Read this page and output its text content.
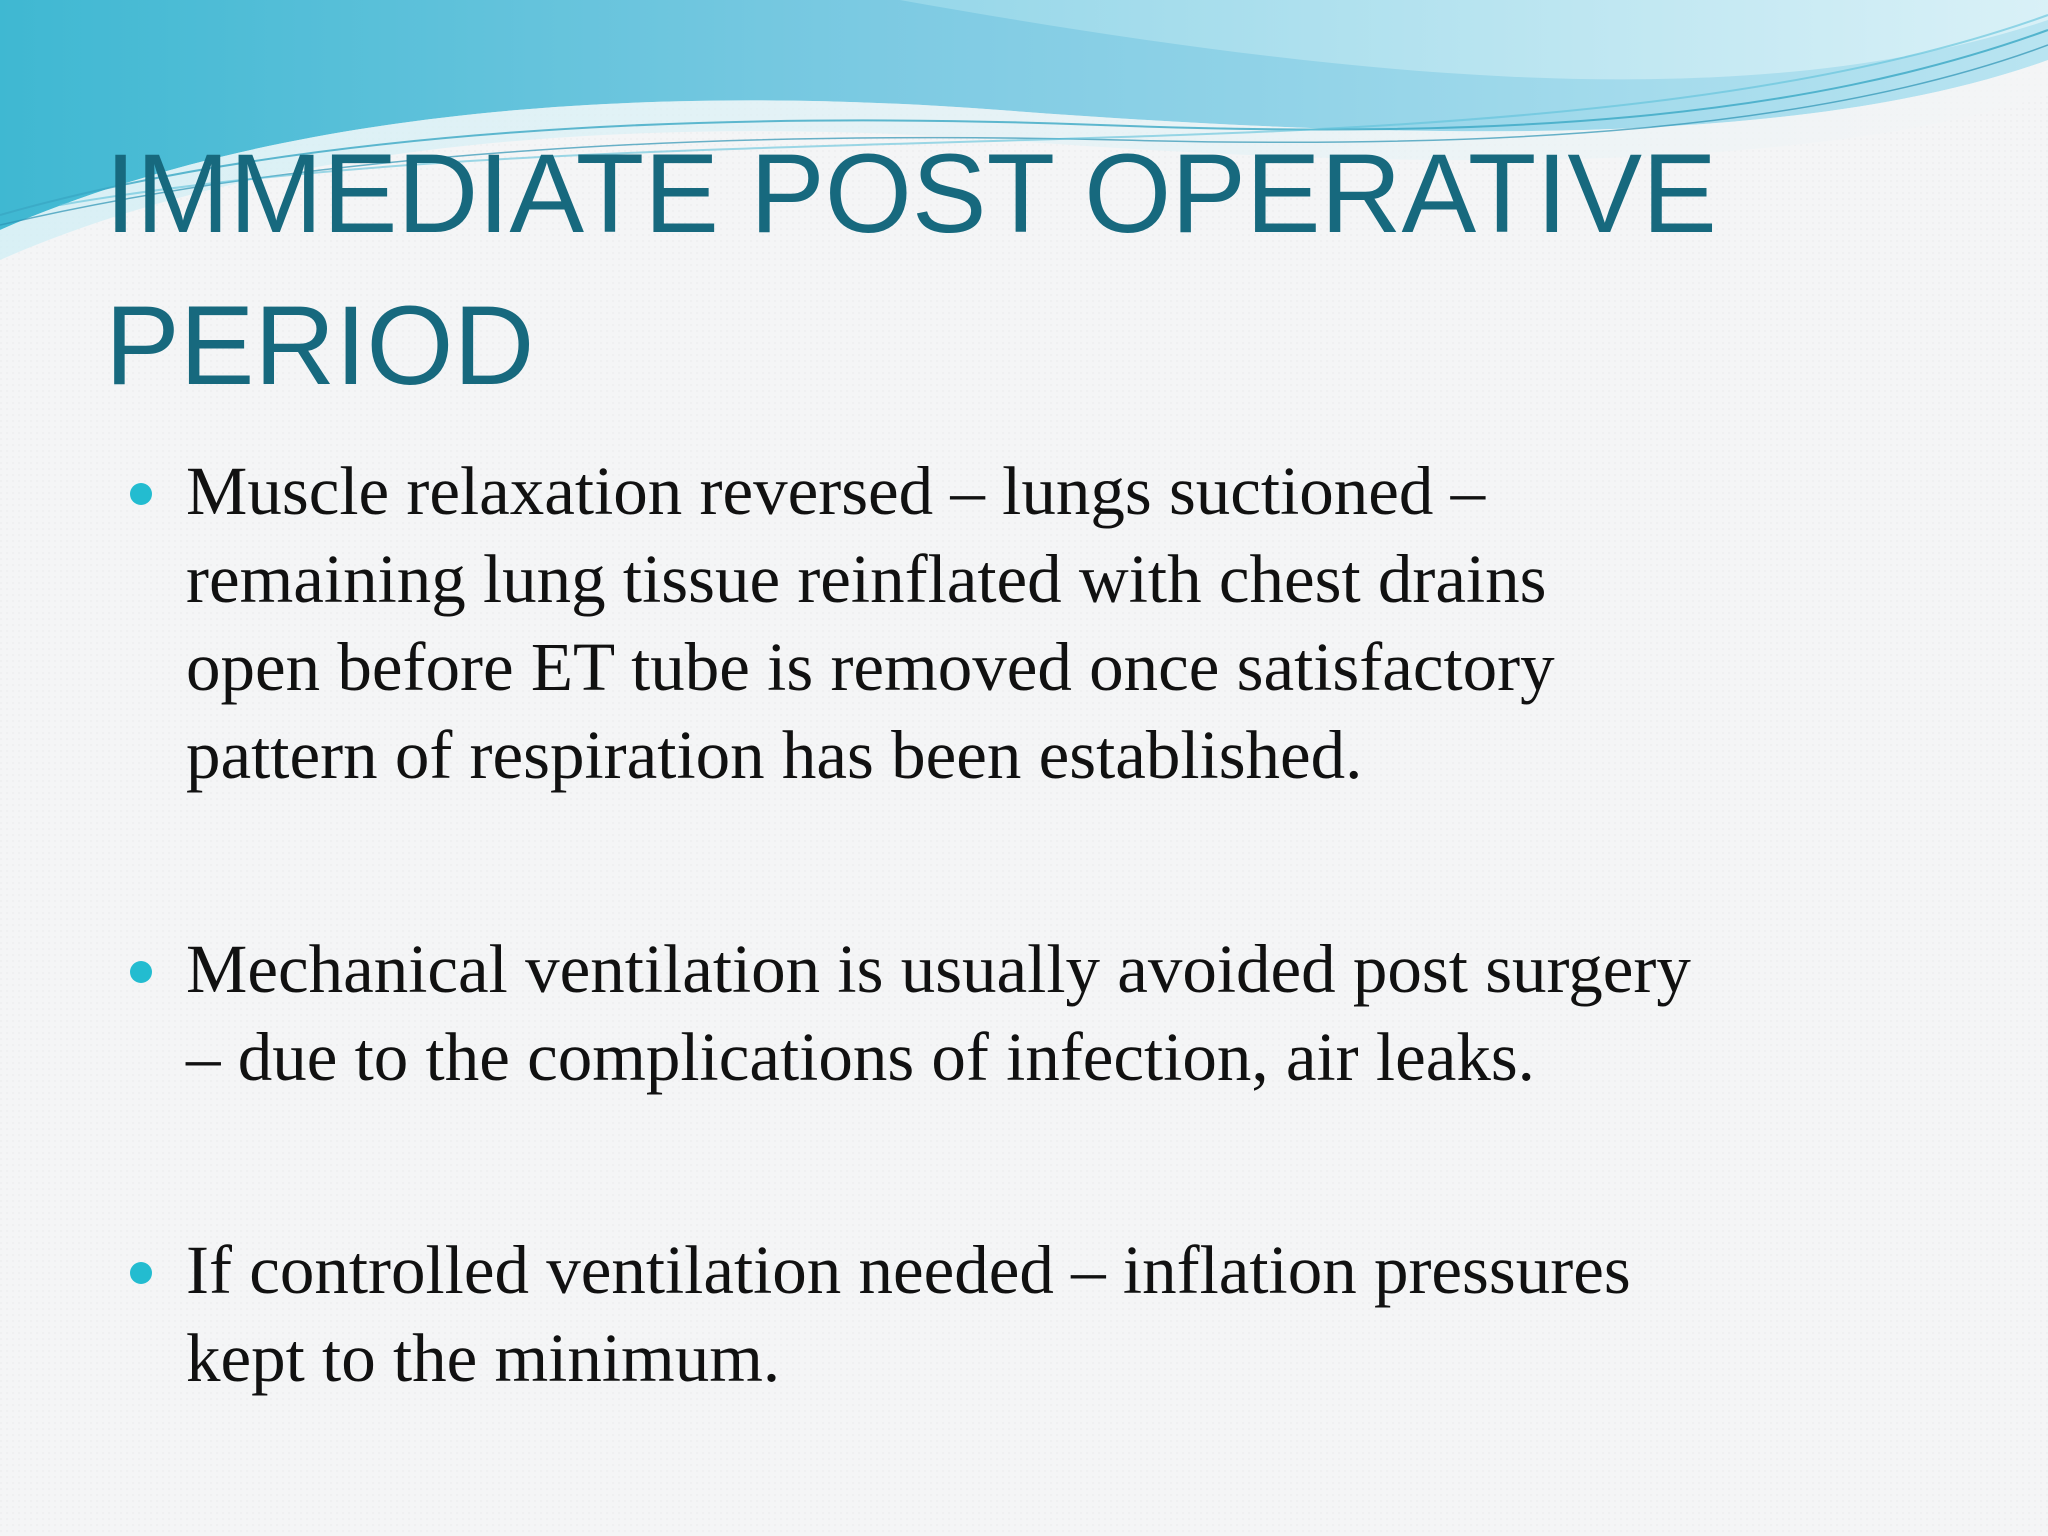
IMMEDIATE POST OPERATIVE
PERIOD
Muscle relaxation reversed – lungs suctioned –
remaining lung tissue reinflated with chest drains
open before ET tube is removed once satisfactory
pattern of respiration has been established.
Mechanical ventilation is usually avoided post surgery
– due to the complications of infection, air leaks.
If controlled ventilation needed – inflation pressures
kept to the minimum.
